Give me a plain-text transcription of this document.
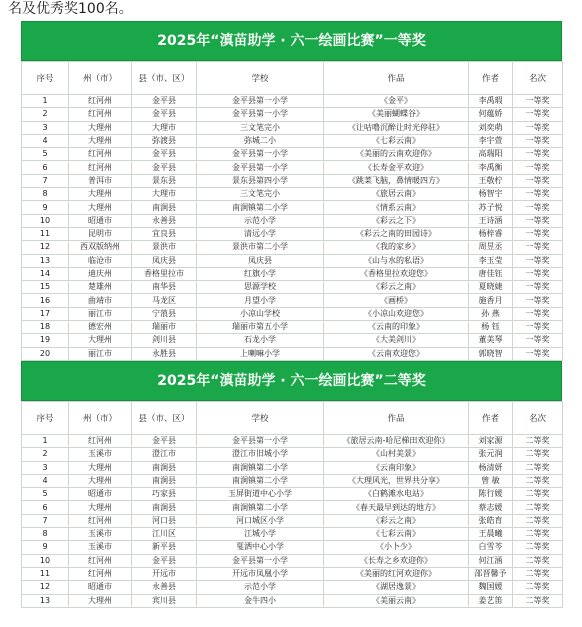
名及优秀奖100名。
2025年“滇苗助学 · 六一绘画比赛”一等奖
序号	州（市）	县（市、区）	学校	作品	作者	名次
1	红河州	金平县	金平县第一小学	《金平》	李禹瑕	一等奖
2	红河州	金平县	金平县第一小学	《美丽蝴蝶谷》	何蕴娇	一等奖
3	大理州	大理市	三文笔完小	《让咕噜沉醉让时光停驻》	刘奕萌	一等奖
4	大理州	弥渡县	弥城二小	《七彩云南》	李宇萱	一等奖
5	红河州	金平县	金平县第一小学	《美丽的云南欢迎你》	高瑞阳	一等奖
6	红河州	金平县	金平县第一小学	《长寿金平欢迎》	李禹衡	一等奖
7	普洱市	景东县	景东县第四小学	《跳菜飞脑，鼻情暖四方》	王敬柠	一等奖
8	大理州	大理市	三文笔完小	《旅居云南》	杨智宇	一等奖
9	大理州	南涧县	南涧镇第二小学	《情系云南》	苏子悦	一等奖
10	昭通市	永善县	示范小学	《彩云之下》	王诗涵	一等奖
11	昆明市	宜良县	清远小学	《彩云之南的田园诗》	杨梓睿	一等奖
12	西双版纳州	景洪市	景洪市第二小学	《我的家乡》	周昱丞	一等奖
13	临沧市	凤庆县	凤庆县	《山与水的私语》	李玉莹	一等奖
14	迪庆州	香格里拉市	红旗小学	《香格里拉欢迎您》	唐佳钰	一等奖
15	楚雄州	南华县	思源学校	《彩云之南》	夏晓婕	一等奖
16	曲靖市	马龙区	月望小学	《画桥》	施香月	一等奖
17	丽江市	宁蒗县	小凉山学校	《小凉山欢迎您》	孙 燕	一等奖
18	德宏州	瑞丽市	瑞丽市第五小学	《云南的印象》	杨 钰	一等奖
19	大理州	剑川县	石龙小学	《大美剑川》	董美琴	一等奖
20	丽江市	永胜县	上喇嘛小学	《云南欢迎您》	郭晓智	一等奖
2025年“滇苗助学 · 六一绘画比赛”二等奖
序号	州（市）	县（市、区）	学校	作品	作者	名次
1	红河州	金平县	金平县第一小学	《旅居云南-哈尼梯田欢迎你》	刘家源	二等奖
2	玉溪市	澄江市	澄江市旧城小学	《山村美景》	张元润	二等奖
3	大理州	南涧县	南涧镇第二小学	《云南印象》	杨清妍	二等奖
4	大理州	南涧县	南涧镇第二小学	《大理风光，世界共分享》	曾 敏	二等奖
5	昭通市	巧家县	玉屏街道中心小学	《白鹤滩水电站》	陈行媛	二等奖
6	大理州	南涧县	南涧镇第二小学	《春天最早到达的地方》	蔡志媛	二等奖
7	红河州	河口县	河口城区小学	《彩云之南》	张皓育	二等奖
8	玉溪市	江川区	江城小学	《七彩云南》	王晨曦	二等奖
9	玉溪市	新平县	戛洒中心小学	《小卜少》	白雪芩	二等奖
10	红河州	金平县	金平县第一小学	《长寿之乡欢迎你》	何江涵	二等奖
11	红河州	开远市	开远市凤凰小学	《美丽的红河欢迎你》	邵晋馨予	二等奖
12	昭通市	永善县	示范小学	《湖居逸景》	魏国媛	二等奖
13	大理州	宾川县	金牛四小	《美丽云南》	姜艺笛	二等奖
